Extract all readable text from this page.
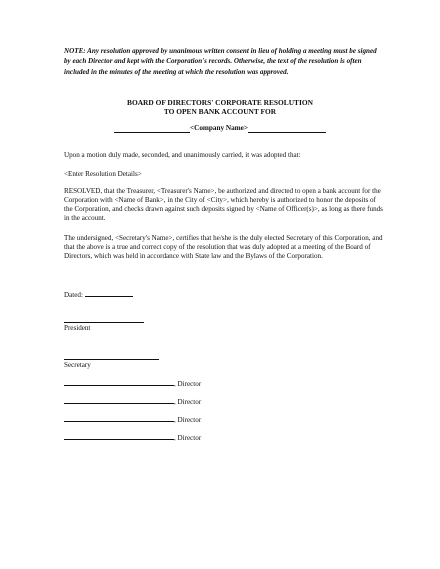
NOTE: Any resolution approved by unanimous written consent in lieu of holding a meeting must be signed by each Director and kept with the Corporation's records. Otherwise, the text of the resolution is often included in the minutes of the meeting at which the resolution was approved.
BOARD OF DIRECTORS' CORPORATE RESOLUTION
TO OPEN BANK ACCOUNT FOR
<Company Name>
Upon a motion duly made, seconded, and unanimously carried, it was adopted that:
<Enter Resolution Details>
RESOLVED, that the Treasurer, <Treasurer's Name>, be authorized and directed to open a bank account for the Corporation with <Name of Bank>, in the City of <City>, which hereby is authorized to honor the deposits of the Corporation, and checks drawn against such deposits signed by <Name of Officer(s)>, as long as there funds in the account.
The undersigned, <Secretary's Name>, certifies that he/she is the duly elected Secretary of this Corporation, and that the above is a true and correct copy of the resolution that was duly adopted at a meeting of the Board of Directors, which was held in accordance with State law and the Bylaws of the Corporation.
Dated:
President
Secretary
, Director
, Director
, Director
, Director
